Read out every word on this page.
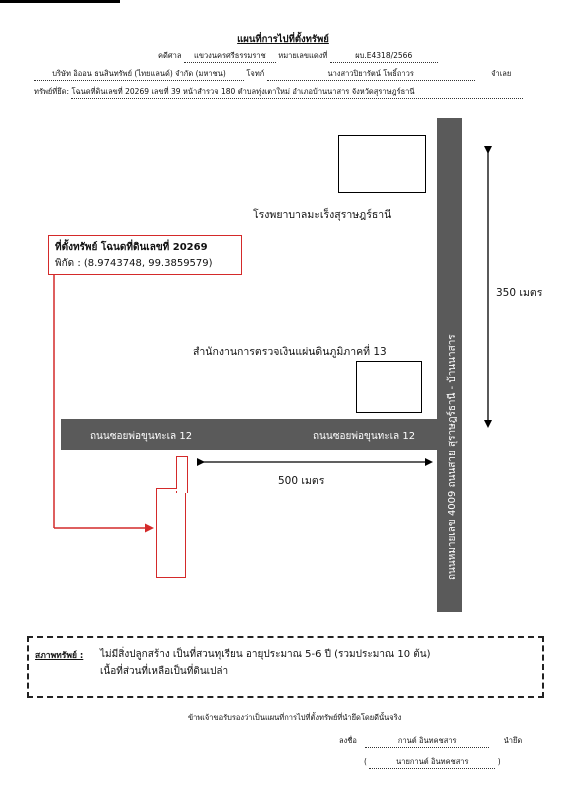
แผนที่การไปที่ตั้งทรัพย์
คดีศาล แขวงนครศรีธรรมราช หมายเลขแดงที่	ผบ.E4318/2566
บริษัท อิออน ธนสินทรัพย์ (ไทยแลนด์) จำกัด (มหาชน)	โจทก์	นางสาวปิยารัตน์ โพธิ์ถาวร	จำเลย
ทรัพย์ที่ยึด: โฉนดที่ดินเลขที่ 20269 เลขที่ 39 หน้าสำรวจ 180 ตำบลทุ่งเตาใหม่ อำเภอบ้านนาสาร จังหวัดสุราษฎร์ธานี
ถนนหมายเลข 4009 ถนนสาย สุราษฎร์ธานี - บ้านนาสาร
ถนนซอยพ่อขุนทะเล 12	ถนนซอยพ่อขุนทะเล 12
โรงพยาบาลมะเร็งสุราษฎร์ธานี
สำนักงานการตรวจเงินแผ่นดินภูมิภาคที่ 13
ที่ตั้งทรัพย์ โฉนดที่ดินเลขที่ 20269
พิกัด : (8.9743748, 99.3859579)
350 เมตร
500 เมตร
สภาพทรัพย์ : ไม่มีสิ่งปลูกสร้าง เป็นที่สวนทุเรียน อายุประมาณ 5-6 ปี (รวมประมาณ 10 ต้น)
เนื้อที่ส่วนที่เหลือเป็นที่ดินเปล่า
ข้าพเจ้าขอรับรองว่าเป็นแผนที่การไปที่ตั้งทรัพย์ที่นำยึดโดยดีนั้นจริง
ลงชื่อ	กานต์ อินทคชสาร	นำยึด
(	นายกานต์ อินทคชสาร	)
